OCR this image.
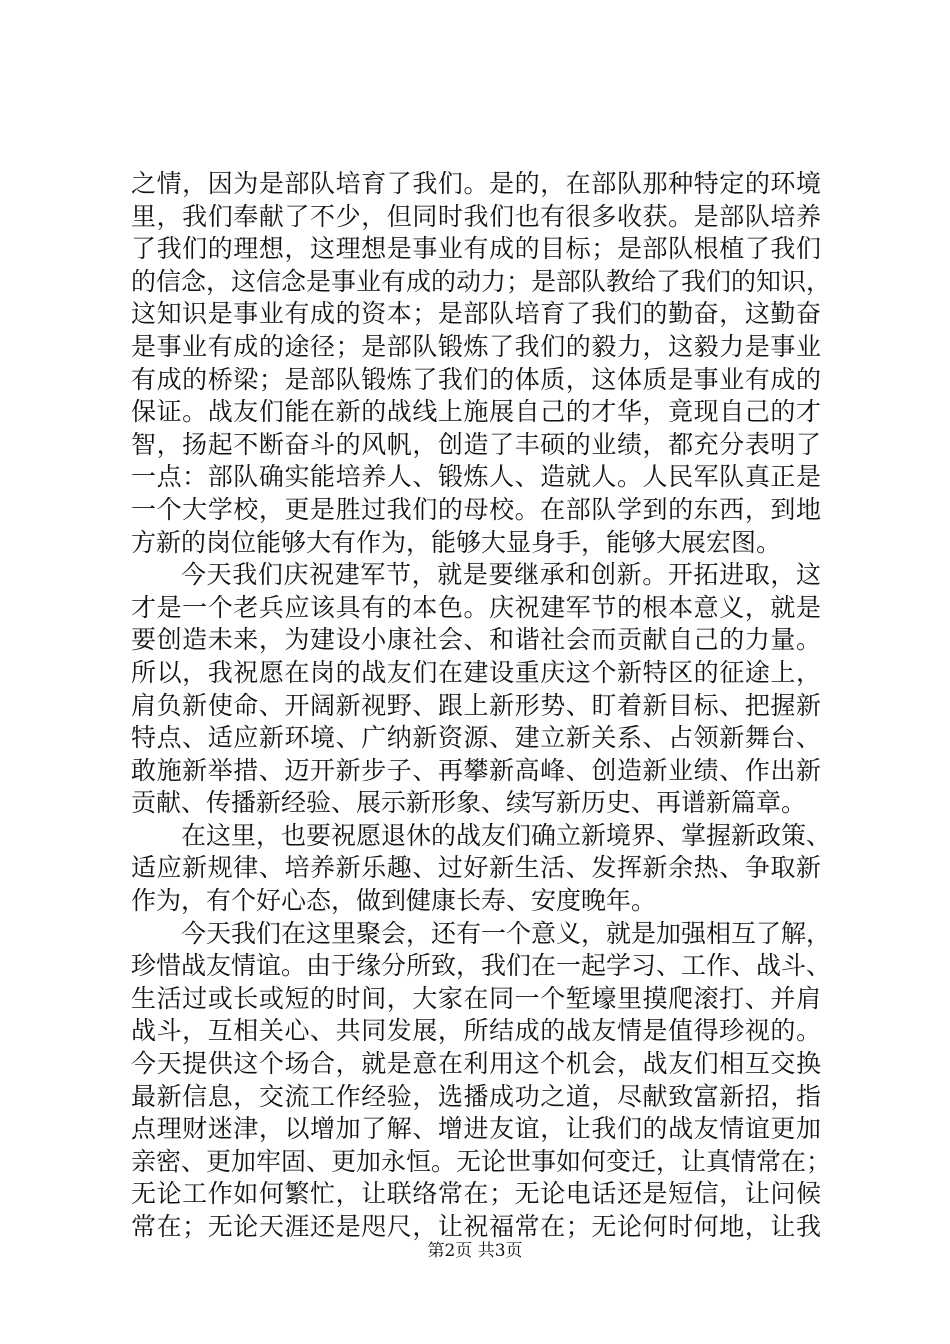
之情，因为是部队培育了我们。是的，在部队那种特定的环境
里，我们奉献了不少，但同时我们也有很多收获。是部队培养
了我们的理想，这理想是事业有成的目标；是部队根植了我们
的信念，这信念是事业有成的动力；是部队教给了我们的知识，
这知识是事业有成的资本；是部队培育了我们的勤奋，这勤奋
是事业有成的途径；是部队锻炼了我们的毅力，这毅力是事业
有成的桥梁；是部队锻炼了我们的体质，这体质是事业有成的
保证。战友们能在新的战线上施展自己的才华，竟现自己的才
智，扬起不断奋斗的风帆，创造了丰硕的业绩，都充分表明了
一点：部队确实能培养人、锻炼人、造就人。人民军队真正是
一个大学校，更是胜过我们的母校。在部队学到的东西，到地
方新的岗位能够大有作为，能够大显身手，能够大展宏图。
今天我们庆祝建军节，就是要继承和创新。开拓进取，这
才是一个老兵应该具有的本色。庆祝建军节的根本意义，就是
要创造未来，为建设小康社会、和谐社会而贡献自己的力量。
所以，我祝愿在岗的战友们在建设重庆这个新特区的征途上，
肩负新使命、开阔新视野、跟上新形势、盯着新目标、把握新
特点、适应新环境、广纳新资源、建立新关系、占领新舞台、
敢施新举措、迈开新步子、再攀新高峰、创造新业绩、作出新
贡献、传播新经验、展示新形象、续写新历史、再谱新篇章。
在这里，也要祝愿退休的战友们确立新境界、掌握新政策、
适应新规律、培养新乐趣、过好新生活、发挥新余热、争取新
作为，有个好心态，做到健康长寿、安度晚年。
今天我们在这里聚会，还有一个意义，就是加强相互了解，
珍惜战友情谊。由于缘分所致，我们在一起学习、工作、战斗、
生活过或长或短的时间，大家在同一个堑壕里摸爬滚打、并肩
战斗，互相关心、共同发展，所结成的战友情是值得珍视的。
今天提供这个场合，就是意在利用这个机会，战友们相互交换
最新信息，交流工作经验，选播成功之道，尽献致富新招，指
点理财迷津，以增加了解、增进友谊，让我们的战友情谊更加
亲密、更加牢固、更加永恒。无论世事如何变迁，让真情常在；
无论工作如何繁忙，让联络常在；无论电话还是短信，让问候
常在；无论天涯还是咫尺，让祝福常在；无论何时何地，让我
第2页 共3页
